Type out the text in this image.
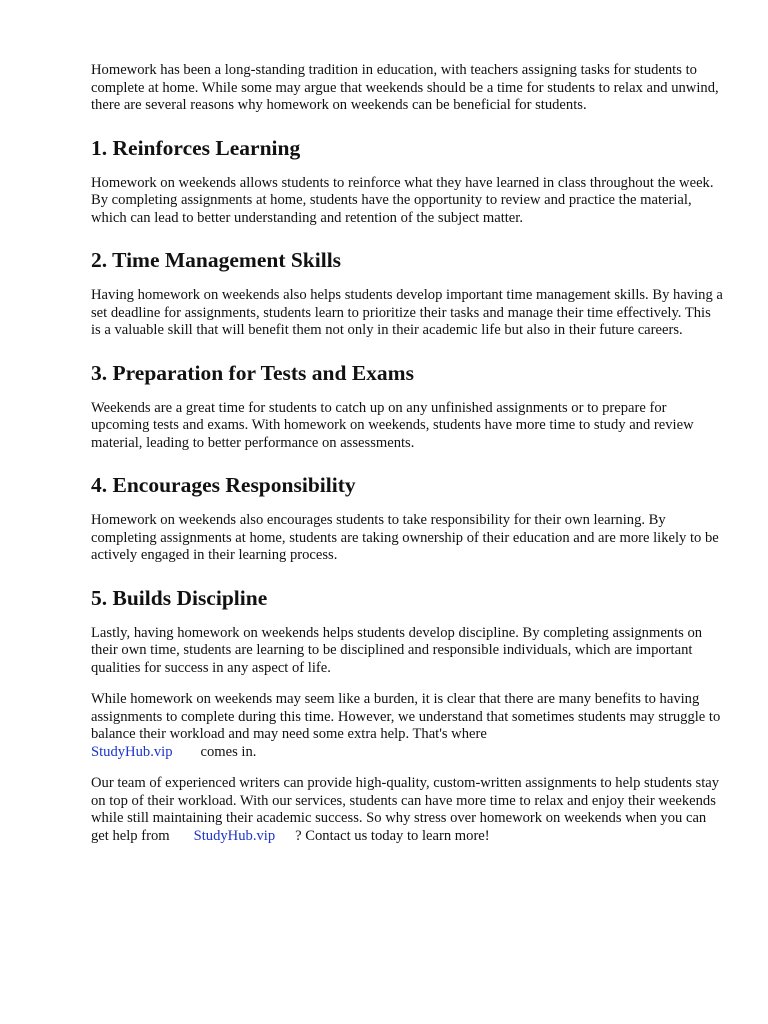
Homework has been a long-standing tradition in education, with teachers assigning tasks for students to complete at home. While some may argue that weekends should be a time for students to relax and unwind, there are several reasons why homework on weekends can be beneficial for students.

1. Reinforces Learning

Homework on weekends allows students to reinforce what they have learned in class throughout the week. By completing assignments at home, students have the opportunity to review and practice the material, which can lead to better understanding and retention of the subject matter.

2. Time Management Skills

Having homework on weekends also helps students develop important time management skills. By having a set deadline for assignments, students learn to prioritize their tasks and manage their time effectively. This is a valuable skill that will benefit them not only in their academic life but also in their future careers.

3. Preparation for Tests and Exams

Weekends are a great time for students to catch up on any unfinished assignments or to prepare for upcoming tests and exams. With homework on weekends, students have more time to study and review material, leading to better performance on assessments.

4. Encourages Responsibility

Homework on weekends also encourages students to take responsibility for their own learning. By completing assignments at home, students are taking ownership of their education and are more likely to be actively engaged in their learning process.

5. Builds Discipline

Lastly, having homework on weekends helps students develop discipline. By completing assignments on their own time, students are learning to be disciplined and responsible individuals, which are important qualities for success in any aspect of life.

While homework on weekends may seem like a burden, it is clear that there are many benefits to having assignments to complete during this time. However, we understand that sometimes students may struggle to balance their workload and may need some extra help. That's where
StudyHub.vip comes in.

Our team of experienced writers can provide high-quality, custom-written assignments to help students stay on top of their workload. With our services, students can have more time to relax and enjoy their weekends while still maintaining their academic success. So why stress over homework on weekends when you can get help from StudyHub.vip ? Contact us today to learn more!
